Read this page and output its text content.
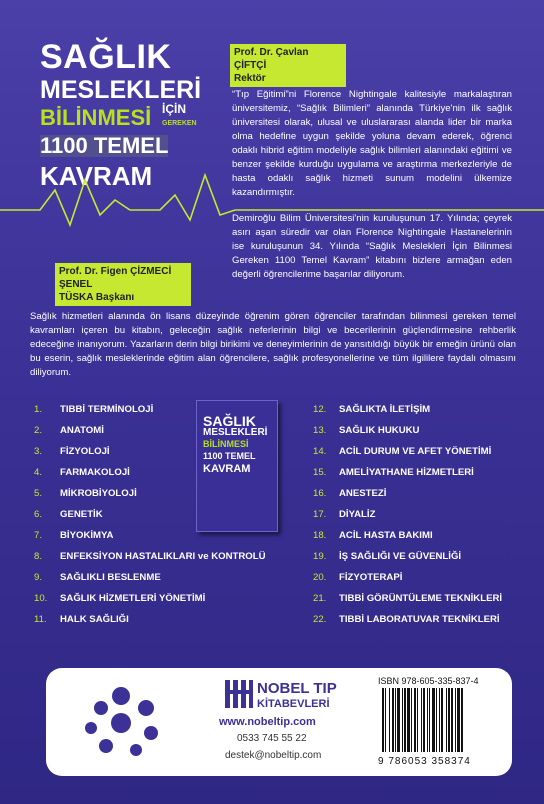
SAĞLIK
MESLEKLERİ
BİLİNMESİ İÇİN
GEREKEN
1100 TEMEL
KAVRAM
Prof. Dr. Çavlan ÇİFTÇİ
Rektör
Prof. Dr. Figen ÇİZMECİ ŞENEL
TÜSKA Başkanı
“Tıp Eğitimi”ni Florence Nightingale kalitesiyle markalaştıran üniversitemiz, “Sağlık Bilimleri” alanında Türkiye'nin ilk sağlık üniversitesi olarak, ulusal ve uluslararası alanda lider bir marka olma hedefine uygun şekilde yoluna devam ederek, öğrenci odaklı hibrid eğitim modeliyle sağlık bilimleri alanındaki eğitimi ve benzer şekilde kurduğu uygulama ve araştırma merkezleriyle de hasta odaklı sağlık hizmeti sunum modelini ülkemize kazandırmıştır.
Demiroğlu Bilim Üniversitesi'nin kuruluşunun 17. Yılında; çeyrek asırı aşan süredir var olan Florence Nightingale Hastanelerinin ise kuruluşunun 34. Yılında “Sağlık Meslekleri İçin Bilinmesi Gereken 1100 Temel Kavram” kitabını bizlere armağan eden değerli öğrencilerime başarılar diliyorum.
Sağlık hizmetleri alanında ön lisans düzeyinde öğrenim gören öğrenciler tarafından bilinmesi gereken temel kavramları içeren bu kitabın, geleceğin sağlık neferlerinin bilgi ve becerilerinin güçlendirmesine rehberlik edeceğine inanıyorum. Yazarların derin bilgi birikimi ve deneyimlerinin de yansıtıldığı büyük bir emeğin ürünü olan bu eserin, sağlık mesleklerinde eğitim alan öğrencilere, sağlık profesyonellerine ve tüm ilgililere faydalı olmasını diliyorum.
1. TIBBİ TERMİNOLOJİ
2. ANATOMİ
3. FİZYOLOJİ
4. FARMAKOLOJİ
5. MİKROBİYOLOJİ
6. GENETİK
7. BİYOKİMYA
8. ENFEKSİYON HASTALIKLARI ve KONTROLÜ
9. SAĞLIKLI BESLENME
10. SAĞLIK HİZMETLERİ YÖNETİMİ
11. HALK SAĞLIĞI
SAĞLIK
MESLEKLERİ
BİLİNMESİ
1100 TEMEL
KAVRAM
12. SAĞLIKTA İLETİŞİM
13. SAĞLIK HUKUKU
14. ACİL DURUM VE AFET YÖNETİMİ
15. AMELİYATHANE HİZMETLERİ
16. ANESTEZİ
17. DİYALİZ
18. ACİL HASTA BAKIMI
19. İŞ SAĞLIĞI VE GÜVENLİĞİ
20. FİZYOTERAPİ
21. TIBBİ GÖRÜNTÜLEME TEKNİKLERİ
22. TIBBİ LABORATUVAR TEKNİKLERİ
NOBEL TIP
KİTABEVLERİ
www.nobeltip.com
0533 745 55 22
destek@nobeltip.com
ISBN 978-605-335-837-4
9 786053 358374
